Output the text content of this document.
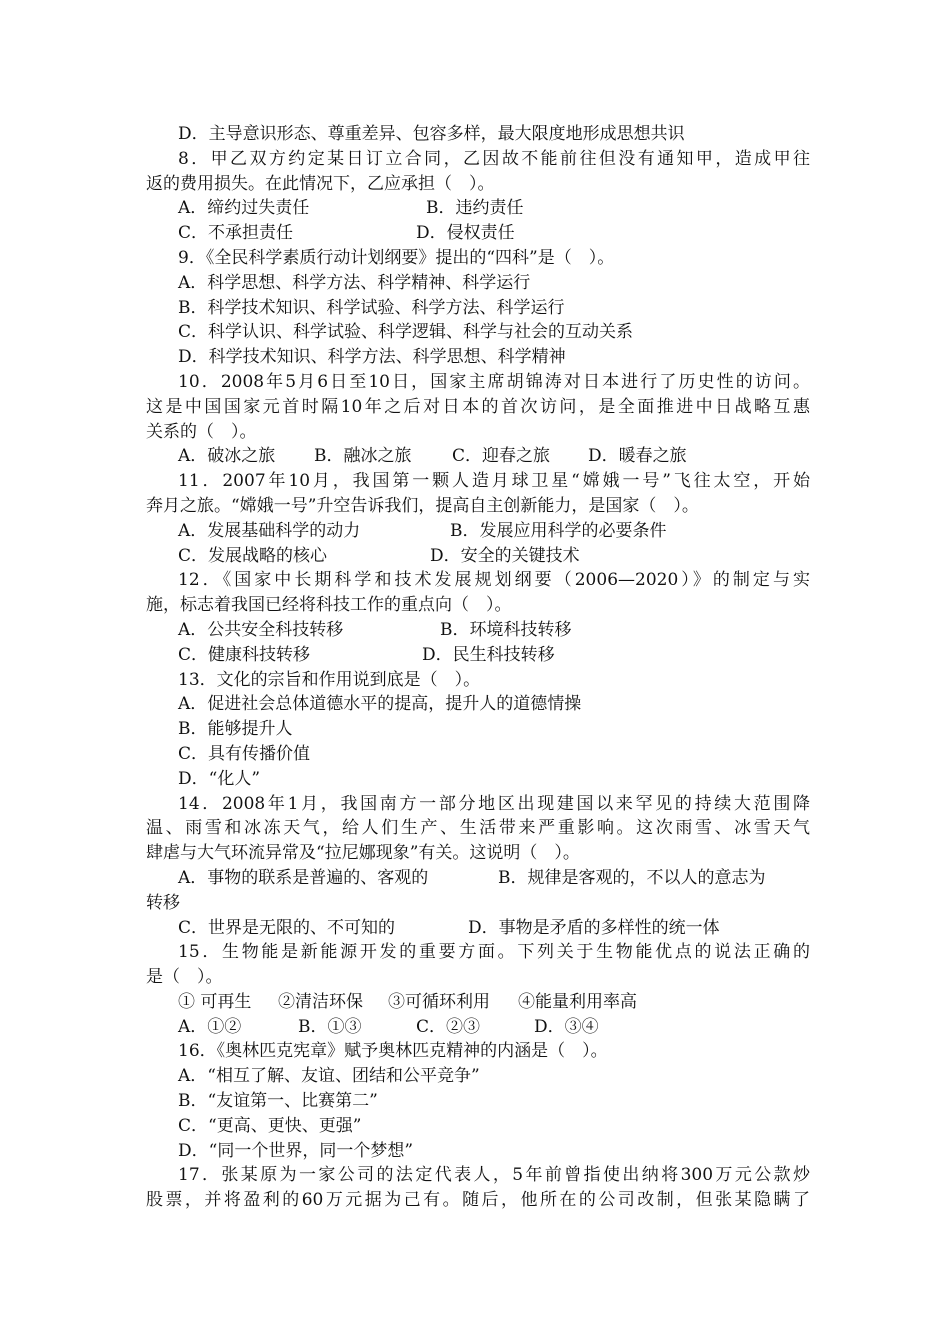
D．主导意识形态、尊重差异、包容多样，最大限度地形成思想共识
8．甲乙双方约定某日订立合同，乙因故不能前往但没有通知甲，造成甲往
返的费用损失。在此情况下，乙应承担（　）。
A．缔约过失责任	B．违约责任
C．不承担责任	D．侵权责任
9．《全民科学素质行动计划纲要》提出的“四科”是（　）。
A．科学思想、科学方法、科学精神、科学运行
B．科学技术知识、科学试验、科学方法、科学运行
C．科学认识、科学试验、科学逻辑、科学与社会的互动关系
D．科学技术知识、科学方法、科学思想、科学精神
10．2008年5月6日至10日，国家主席胡锦涛对日本进行了历史性的访问。
这是中国国家元首时隔10年之后对日本的首次访问，是全面推进中日战略互惠
关系的（　）。
A．破冰之旅	B．融冰之旅	C．迎春之旅	D．暖春之旅
11．2007年10月，我国第一颗人造月球卫星“嫦娥一号”飞往太空，开始
奔月之旅。“嫦娥一号”升空告诉我们，提高自主创新能力，是国家（　）。
A．发展基础科学的动力	B．发展应用科学的必要条件
C．发展战略的核心	D．安全的关键技术
12．《国家中长期科学和技术发展规划纲要（2006—2020）》的制定与实
施，标志着我国已经将科技工作的重点向（　）。
A．公共安全科技转移	B．环境科技转移
C．健康科技转移	D．民生科技转移
13．文化的宗旨和作用说到底是（　）。
A．促进社会总体道德水平的提高，提升人的道德情操
B．能够提升人
C．具有传播价值
D．“化人”
14．2008年1月，我国南方一部分地区出现建国以来罕见的持续大范围降
温、雨雪和冰冻天气，给人们生产、生活带来严重影响。这次雨雪、冰雪天气
肆虐与大气环流异常及“拉尼娜现象”有关。这说明（　）。
A．事物的联系是普遍的、客观的	B．规律是客观的，不以人的意志为
转移
C．世界是无限的、不可知的	D．事物是矛盾的多样性的统一体
15．生物能是新能源开发的重要方面。下列关于生物能优点的说法正确的
是（　）。
① 可再生	②清洁环保	③可循环利用	④能量利用率高
A．①②	B．①③	C．②③	D．③④
16．《奥林匹克宪章》赋予奥林匹克精神的内涵是（　）。
A．“相互了解、友谊、团结和公平竞争”
B．“友谊第一、比赛第二”
C．“更高、更快、更强”
D．“同一个世界，同一个梦想”
17．张某原为一家公司的法定代表人，5年前曾指使出纳将300万元公款炒
股票，并将盈利的60万元据为己有。随后，他所在的公司改制，但张某隐瞒了
